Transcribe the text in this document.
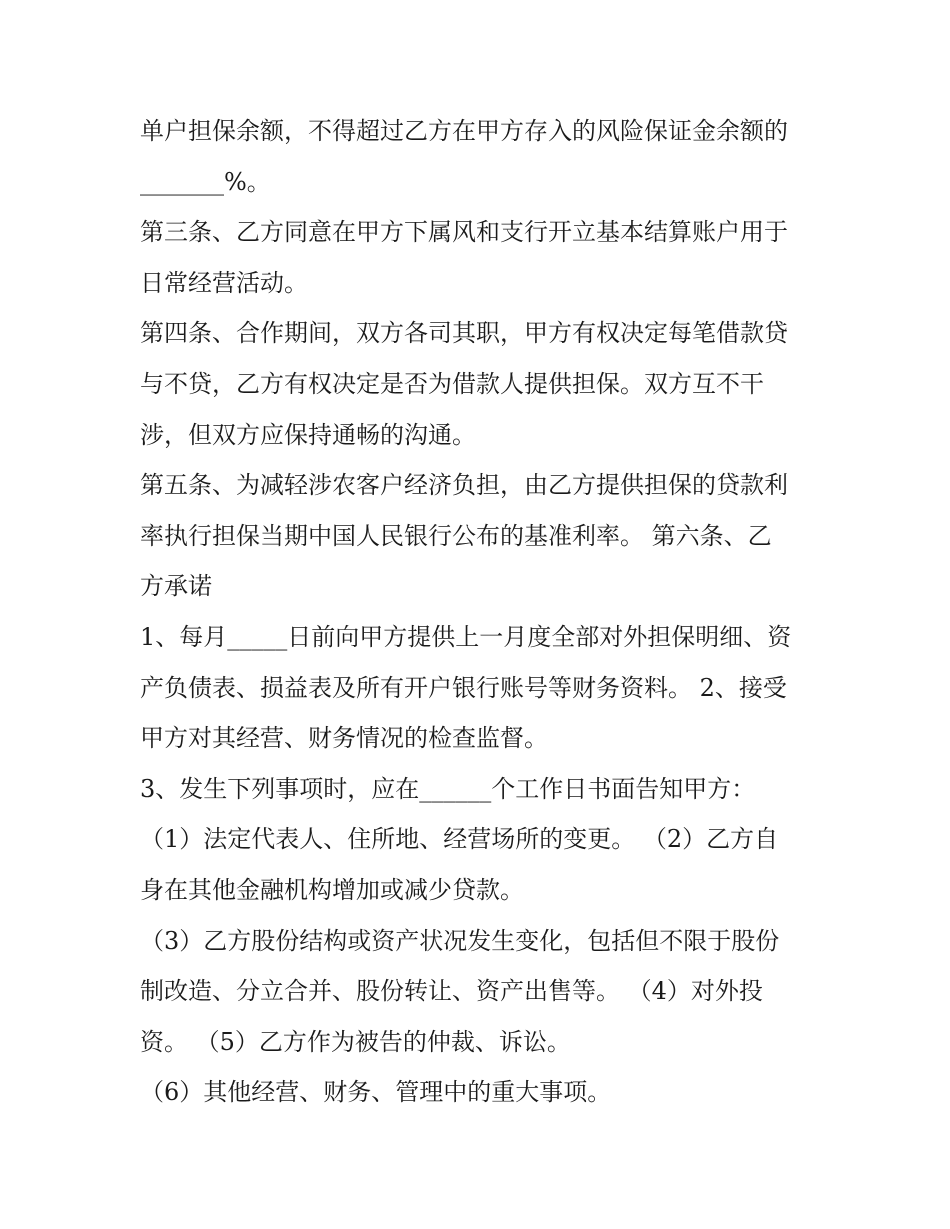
单户担保余额，不得超过乙方在甲方存入的风险保证金余额的
_______%。
第三条、乙方同意在甲方下属风和支行开立基本结算账户用于
日常经营活动。
第四条、合作期间，双方各司其职，甲方有权决定每笔借款贷
与不贷，乙方有权决定是否为借款人提供担保。双方互不干
涉，但双方应保持通畅的沟通。
第五条、为减轻涉农客户经济负担，由乙方提供担保的贷款利
率执行担保当期中国人民银行公布的基准利率。 第六条、乙
方承诺
1、每月_____日前向甲方提供上一月度全部对外担保明细、资
产负债表、损益表及所有开户银行账号等财务资料。 2、接受
甲方对其经营、财务情况的检查监督。
3、发生下列事项时，应在______个工作日书面告知甲方：
（1）法定代表人、住所地、经营场所的变更。 （2）乙方自
身在其他金融机构增加或减少贷款。
（3）乙方股份结构或资产状况发生变化，包括但不限于股份
制改造、分立合并、股份转让、资产出售等。 （4）对外投
资。 （5）乙方作为被告的仲裁、诉讼。
（6）其他经营、财务、管理中的重大事项。
